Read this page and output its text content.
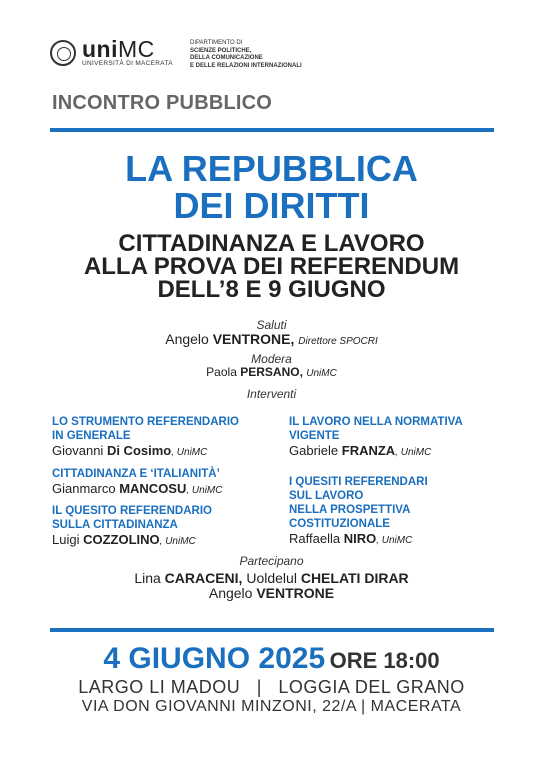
uniMC
UNIVERSITÀ DI MACERATA
DIPARTIMENTO DI
SCIENZE POLITICHE,
DELLA COMUNICAZIONE
E DELLE RELAZIONI INTERNAZIONALI
INCONTRO PUBBLICO
LA REPUBBLICA
DEI DIRITTI
CITTADINANZA E LAVORO
ALLA PROVA DEI REFERENDUM
DELL’8 E 9 GIUGNO
Saluti
Angelo VENTRONE, Direttore SPOCRI
Modera
Paola PERSANO, UniMC
Interventi
LO STRUMENTO REFERENDARIO
IN GENERALE
Giovanni Di Cosimo, UniMC
CITTADINANZA E ‘ITALIANITÀ’
Gianmarco MANCOSU, UniMC
IL QUESITO REFERENDARIO
SULLA CITTADINANZA
Luigi COZZOLINO, UniMC
IL LAVORO NELLA NORMATIVA
VIGENTE
Gabriele FRANZA, UniMC
I QUESITI REFERENDARI
SUL LAVORO
NELLA PROSPETTIVA
COSTITUZIONALE
Raffaella NIRO, UniMC
Partecipano
Lina CARACENI, Uoldelul CHELATI DIRAR
Angelo VENTRONE
4 GIUGNO 2025 ORE 18:00
LARGO LI MADOU   |   LOGGIA DEL GRANO
VIA DON GIOVANNI MINZONI, 22/A | MACERATA
